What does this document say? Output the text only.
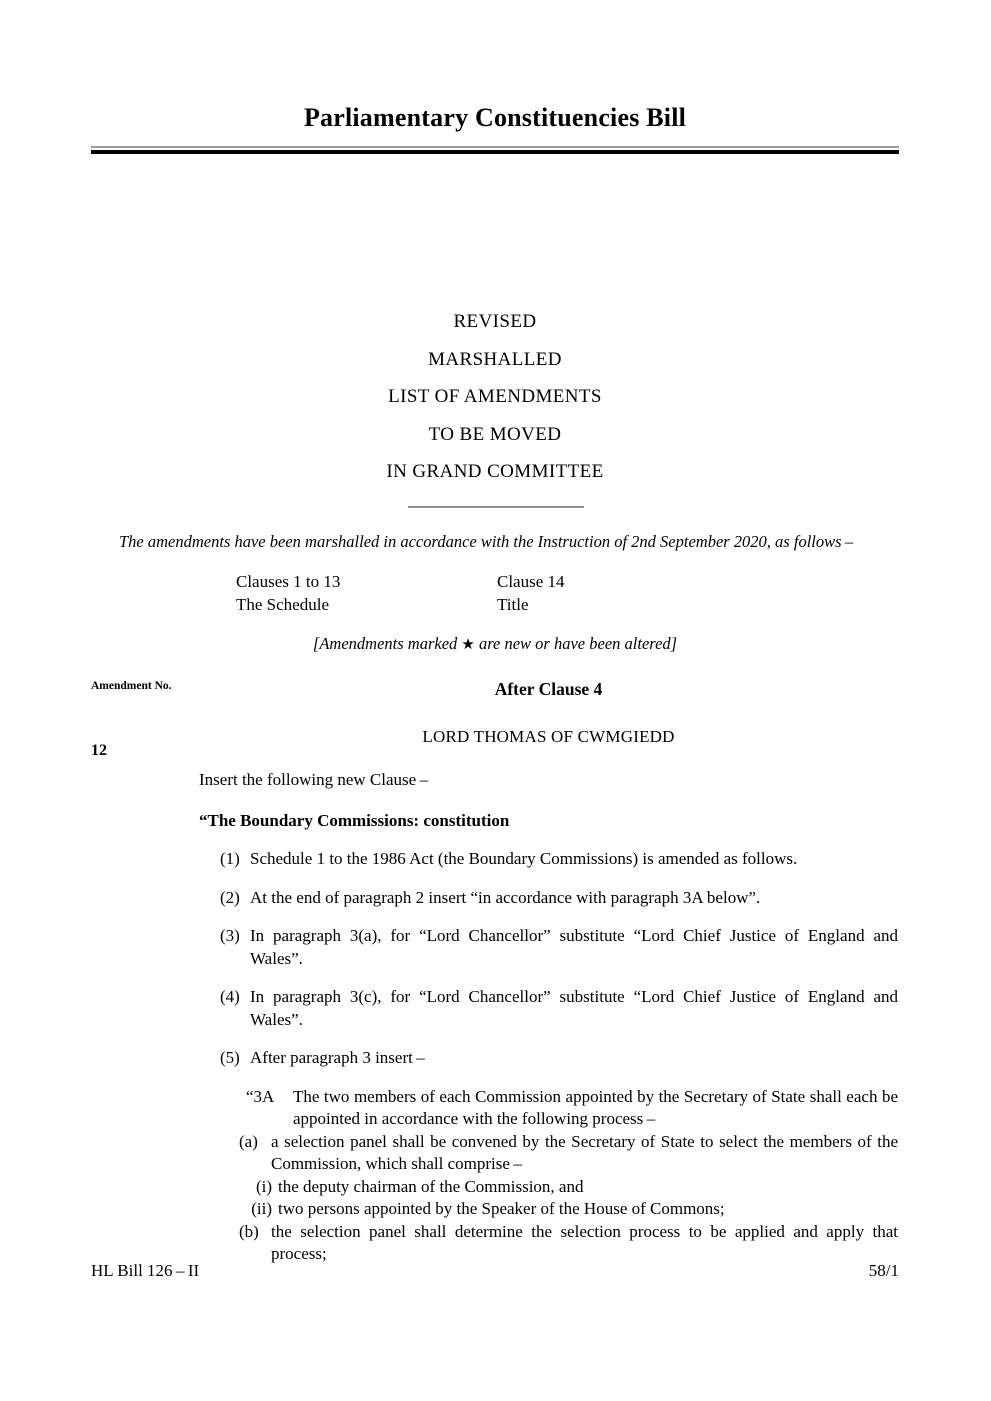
Parliamentary Constituencies Bill
REVISED
MARSHALLED
LIST OF AMENDMENTS
TO BE MOVED
IN GRAND COMMITTEE
The amendments have been marshalled in accordance with the Instruction of 2nd September 2020, as follows –
Clauses 1 to 13	Clause 14
The Schedule	Title
[Amendments marked ★ are new or have been altered]
Amendment No.
12
After Clause 4
LORD THOMAS OF CWMGIEDD
Insert the following new Clause –
“The Boundary Commissions: constitution
(1) Schedule 1 to the 1986 Act (the Boundary Commissions) is amended as follows.
(2) At the end of paragraph 2 insert “in accordance with paragraph 3A below”.
(3) In paragraph 3(a), for “Lord Chancellor” substitute “Lord Chief Justice of England and Wales”.
(4) In paragraph 3(c), for “Lord Chancellor” substitute “Lord Chief Justice of England and Wales”.
(5) After paragraph 3 insert –
“3A	The two members of each Commission appointed by the Secretary of State shall each be appointed in accordance with the following process –
(a) a selection panel shall be convened by the Secretary of State to select the members of the Commission, which shall comprise –
(i) the deputy chairman of the Commission, and
(ii) two persons appointed by the Speaker of the House of Commons;
(b) the selection panel shall determine the selection process to be applied and apply that process;
HL Bill 126 – II	58/1
